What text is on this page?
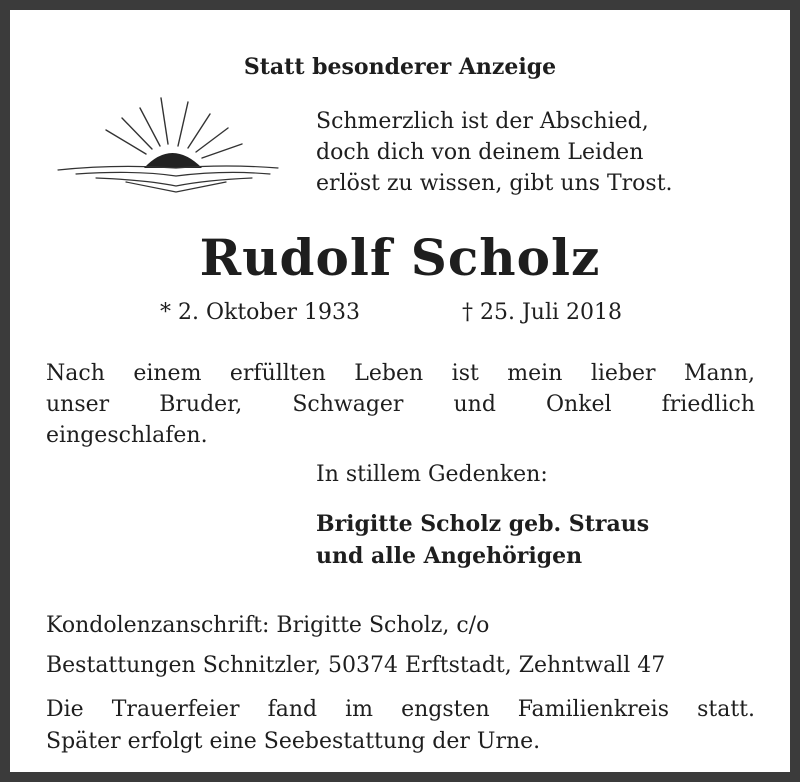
Statt besonderer Anzeige
Schmerzlich ist der Abschied,
doch dich von deinem Leiden
erlöst zu wissen, gibt uns Trost.
Rudolf Scholz
* 2. Oktober 1933	† 25. Juli 2018
Nach einem erfüllten Leben ist mein lieber Mann,
unser Bruder, Schwager und Onkel friedlich
eingeschlafen.
In stillem Gedenken:
Brigitte Scholz geb. Straus
und alle Angehörigen
Kondolenzanschrift: Brigitte Scholz, c/o
Bestattungen Schnitzler, 50374 Erftstadt, Zehntwall 47
Die Trauerfeier fand im engsten Familienkreis statt.
Später erfolgt eine Seebestattung der Urne.
